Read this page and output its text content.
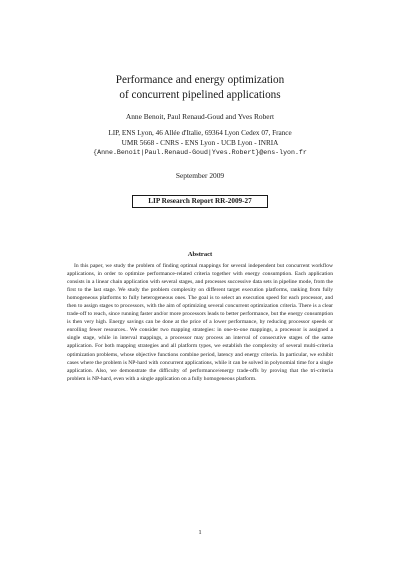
Performance and energy optimization
of concurrent pipelined applications
Anne Benoit, Paul Renaud-Goud and Yves Robert
LIP, ENS Lyon, 46 Allée d'Italie, 69364 Lyon Cedex 07, France
UMR 5668 - CNRS - ENS Lyon - UCB Lyon - INRIA
{Anne.Benoit|Paul.Renaud-Goud|Yves.Robert}@ens-lyon.fr
September 2009
LIP Research Report RR-2009-27
Abstract
In this paper, we study the problem of finding optimal mappings for several independent but concurrent workflow applications, in order to optimize performance-related criteria together with energy consumption. Each application consists in a linear chain application with several stages, and processes successive data sets in pipeline mode, from the first to the last stage. We study the problem complexity on different target execution platforms, ranking from fully homogeneous platforms to fully heterogeneous ones. The goal is to select an execution speed for each processor, and then to assign stages to processors, with the aim of optimizing several concurrent optimization criteria. There is a clear trade-off to reach, since running faster and/or more processors leads to better performance, but the energy consumption is then very high. Energy savings can be done at the price of a lower performance, by reducing processor speeds or enrolling fewer resources.. We consider two mapping strategies: in one-to-one mappings, a processor is assigned a single stage, while in interval mappings, a processor may process an interval of consecutive stages of the same application. For both mapping strategies and all platform types, we establish the complexity of several multi-criteria optimization problems, whose objective functions combine period, latency and energy criteria. In particular, we exhibit cases where the problem is NP-hard with concurrent applications, while it can be solved in polynomial time for a single application. Also, we demonstrate the difficulty of performance/energy trade-offs by proving that the tri-criteria problem is NP-hard, even with a single application on a fully homogeneous platform.
1
